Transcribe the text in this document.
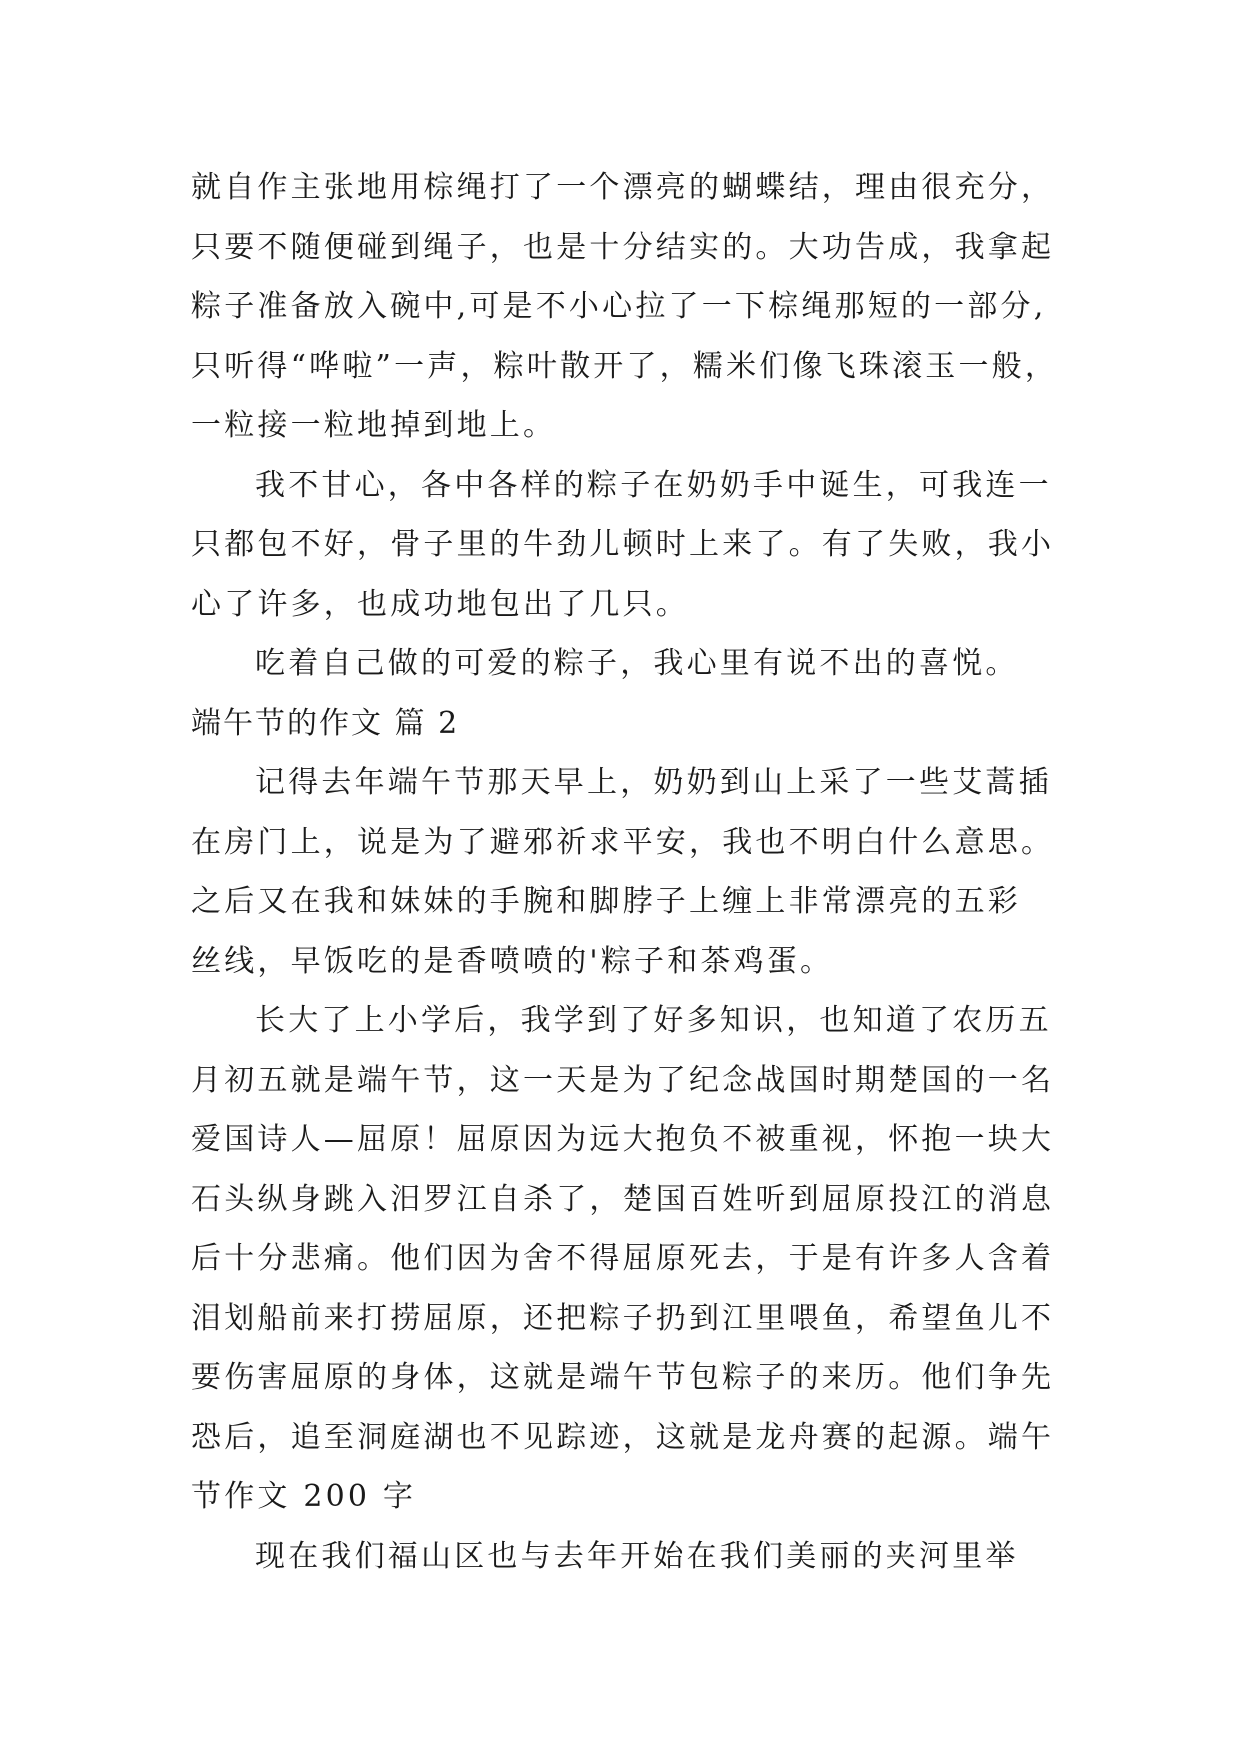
就自作主张地用棕绳打了一个漂亮的蝴蝶结，理由很充分，
只要不随便碰到绳子，也是十分结实的。大功告成，我拿起
粽子准备放入碗中,可是不小心拉了一下棕绳那短的一部分,
只听得“哗啦”一声，粽叶散开了，糯米们像飞珠滚玉一般，
一粒接一粒地掉到地上。
我不甘心，各中各样的粽子在奶奶手中诞生，可我连一
只都包不好，骨子里的牛劲儿顿时上来了。有了失败，我小
心了许多，也成功地包出了几只。
吃着自己做的可爱的粽子，我心里有说不出的喜悦。
端午节的作文 篇 2
记得去年端午节那天早上，奶奶到山上采了一些艾蒿插
在房门上，说是为了避邪祈求平安，我也不明白什么意思。
之后又在我和妹妹的手腕和脚脖子上缠上非常漂亮的五彩
丝线，早饭吃的是香喷喷的'粽子和茶鸡蛋。
长大了上小学后，我学到了好多知识，也知道了农历五
月初五就是端午节，这一天是为了纪念战国时期楚国的一名
爱国诗人—屈原！屈原因为远大抱负不被重视，怀抱一块大
石头纵身跳入汨罗江自杀了，楚国百姓听到屈原投江的消息
后十分悲痛。他们因为舍不得屈原死去，于是有许多人含着
泪划船前来打捞屈原，还把粽子扔到江里喂鱼，希望鱼儿不
要伤害屈原的身体，这就是端午节包粽子的来历。他们争先
恐后，追至洞庭湖也不见踪迹，这就是龙舟赛的起源。端午
节作文 200 字
现在我们福山区也与去年开始在我们美丽的夹河里举
